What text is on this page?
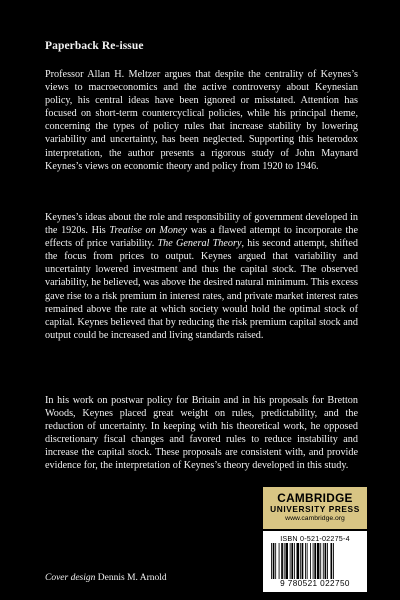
Paperback Re-issue

Professor Allan H. Meltzer argues that despite the centrality of Keynes’s views to macroeconomics and the active controversy about Keynesian policy, his central ideas have been ignored or misstated. Attention has focused on short-term countercyclical policies, while his principal theme, concerning the types of policy rules that increase stability by lowering variability and uncertainty, has been neglected. Supporting this heterodox interpretation, the author presents a rigorous study of John Maynard Keynes’s views on economic theory and policy from 1920 to 1946.

Keynes’s ideas about the role and responsibility of government developed in the 1920s. His Treatise on Money was a flawed attempt to incorporate the effects of price variability. The General Theory, his second attempt, shifted the focus from prices to output. Keynes argued that variability and uncertainty lowered investment and thus the capital stock. The observed variability, he believed, was above the desired natural minimum. This excess gave rise to a risk premium in interest rates, and private market interest rates remained above the rate at which society would hold the optimal stock of capital. Keynes believed that by reducing the risk premium capital stock and output could be increased and living standards raised.

In his work on postwar policy for Britain and in his proposals for Bretton Woods, Keynes placed great weight on rules, predictability, and the reduction of uncertainty. In keeping with his theoretical work, he opposed discretionary fiscal changes and favored rules to reduce instability and increase the capital stock. These proposals are consistent with, and provide evidence for, the interpretation of Keynes’s theory developed in this study.

CAMBRIDGE
UNIVERSITY PRESS
www.cambridge.org
ISBN 0-521-02275-4
9 780521 022750
Cover design Dennis M. Arnold
